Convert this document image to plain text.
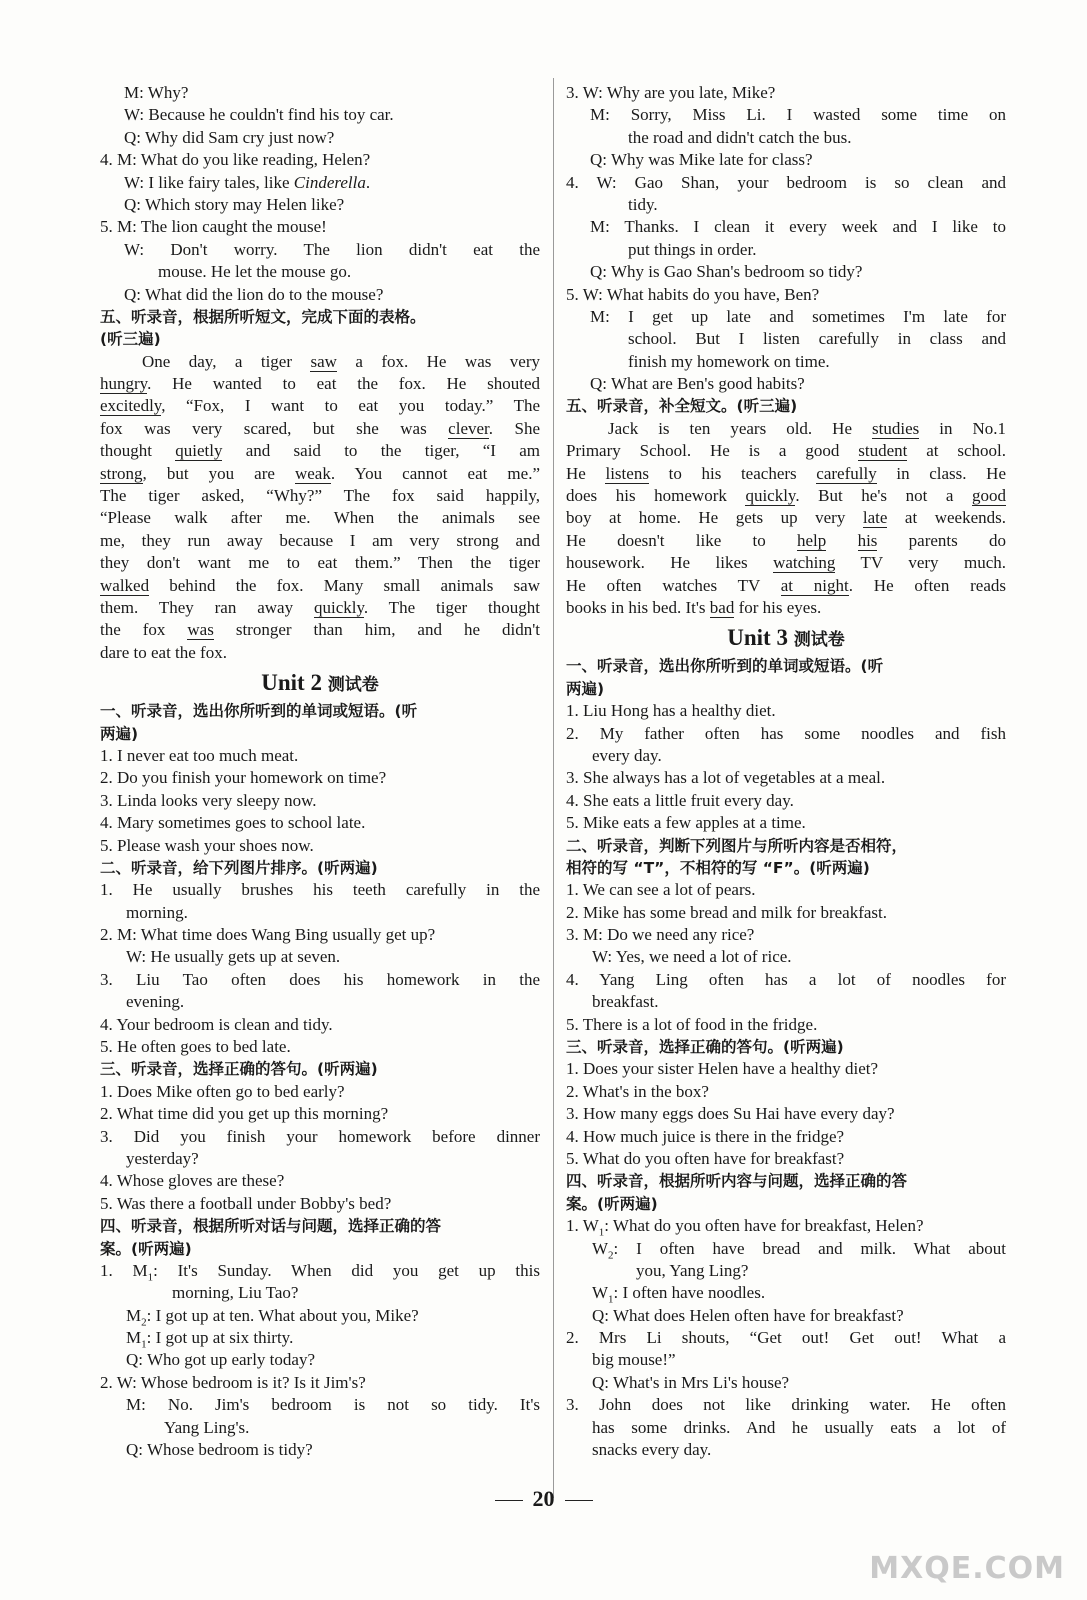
M: Why?
W: Because he couldn't find his toy car.
Q: Why did Sam cry just now?
4. M: What do you like reading, Helen?
W: I like fairy tales, like Cinderella.
Q: Which story may Helen like?
5. M: The lion caught the mouse!
W: Don't worry. The lion didn't eat the
mouse. He let the mouse go.
Q: What did the lion do to the mouse?
五、听录音，根据所听短文，完成下面的表格。
(听三遍)
One day, a tiger saw a fox. He was very
hungry. He wanted to eat the fox. He shouted
excitedly, “Fox, I want to eat you today.” The
fox was very scared, but she was clever. She
thought quietly and said to the tiger, “I am
strong, but you are weak. You cannot eat me.”
The tiger asked, “Why?” The fox said happily,
“Please walk after me. When the animals see
me, they run away because I am very strong and
they don't want me to eat them.” Then the tiger
walked behind the fox. Many small animals saw
them. They ran away quickly. The tiger thought
the fox was stronger than him, and he didn't
dare to eat the fox.
Unit 2 测试卷
一、听录音，选出你所听到的单词或短语。(听
两遍)
1. I never eat too much meat.
2. Do you finish your homework on time?
3. Linda looks very sleepy now.
4. Mary sometimes goes to school late.
5. Please wash your shoes now.
二、听录音，给下列图片排序。(听两遍)
1. He usually brushes his teeth carefully in the
morning.
2. M: What time does Wang Bing usually get up?
W: He usually gets up at seven.
3. Liu Tao often does his homework in the
evening.
4. Your bedroom is clean and tidy.
5. He often goes to bed late.
三、听录音，选择正确的答句。(听两遍)
1. Does Mike often go to bed early?
2. What time did you get up this morning?
3. Did you finish your homework before dinner
yesterday?
4. Whose gloves are these?
5. Was there a football under Bobby's bed?
四、听录音，根据所听对话与问题，选择正确的答
案。(听两遍)
1. $M_1$: It's Sunday. When did you get up this
morning, Liu Tao?
$M_2$: I got up at ten. What about you, Mike?
$M_1$: I got up at six thirty.
Q: Who got up early today?
2. W: Whose bedroom is it? Is it Jim's?
M: No. Jim's bedroom is not so tidy. It's
Yang Ling's.
Q: Whose bedroom is tidy?
3. W: Why are you late, Mike?
M: Sorry, Miss Li. I wasted some time on
the road and didn't catch the bus.
Q: Why was Mike late for class?
4. W: Gao Shan, your bedroom is so clean and
tidy.
M: Thanks. I clean it every week and I like to
put things in order.
Q: Why is Gao Shan's bedroom so tidy?
5. W: What habits do you have, Ben?
M: I get up late and sometimes I'm late for
school. But I listen carefully in class and
finish my homework on time.
Q: What are Ben's good habits?
五、听录音，补全短文。(听三遍)
Jack is ten years old. He studies in No.1
Primary School. He is a good student at school.
He listens to his teachers carefully in class. He
does his homework quickly. But he's not a good
boy at home. He gets up very late at weekends.
He doesn't like to help his parents do
housework. He likes watching TV very much.
He often watches TV at night. He often reads
books in his bed. It's bad for his eyes.
Unit 3 测试卷
一、听录音，选出你所听到的单词或短语。(听
两遍)
1. Liu Hong has a healthy diet.
2. My father often has some noodles and fish
every day.
3. She always has a lot of vegetables at a meal.
4. She eats a little fruit every day.
5. Mike eats a few apples at a time.
二、听录音，判断下列图片与所听内容是否相符，
相符的写 “T”，不相符的写 “F”。(听两遍)
1. We can see a lot of pears.
2. Mike has some bread and milk for breakfast.
3. M: Do we need any rice?
W: Yes, we need a lot of rice.
4. Yang Ling often has a lot of noodles for
breakfast.
5. There is a lot of food in the fridge.
三、听录音，选择正确的答句。(听两遍)
1. Does your sister Helen have a healthy diet?
2. What's in the box?
3. How many eggs does Su Hai have every day?
4. How much juice is there in the fridge?
5. What do you often have for breakfast?
四、听录音，根据所听内容与问题，选择正确的答
案。(听两遍)
1. $W_1$: What do you often have for breakfast, Helen?
$W_2$: I often have bread and milk. What about
you, Yang Ling?
$W_1$: I often have noodles.
Q: What does Helen often have for breakfast?
2. Mrs Li shouts, “Get out! Get out! What a
big mouse!”
Q: What's in Mrs Li's house?
3. John does not like drinking water. He often
has some drinks. And he usually eats a lot of
snacks every day.
20
MXQE.COM
